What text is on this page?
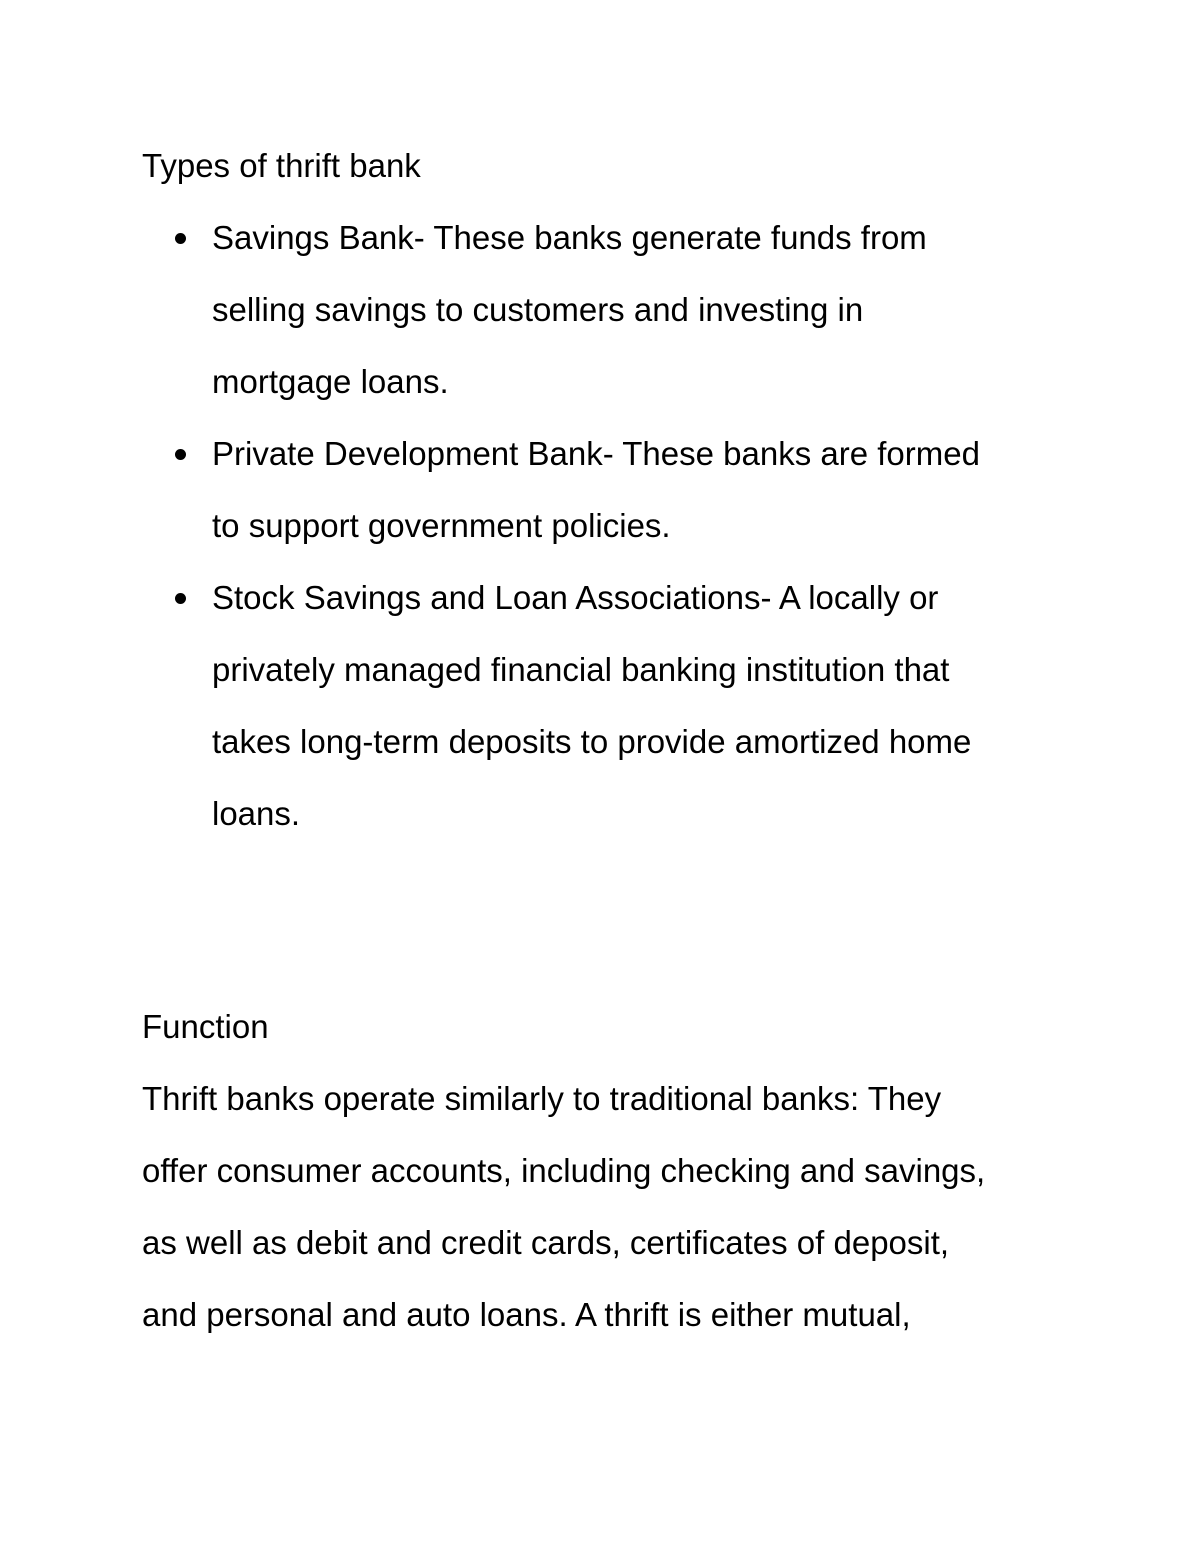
Types of thrift bank
Savings Bank- These banks generate funds from
selling savings to customers and investing in
mortgage loans.
Private Development Bank- These banks are formed
to support government policies.
Stock Savings and Loan Associations- A locally or
privately managed financial banking institution that
takes long-term deposits to provide amortized home
loans.
Function

Thrift banks operate similarly to traditional banks: They
offer consumer accounts, including checking and savings,
as well as debit and credit cards, certificates of deposit,
and personal and auto loans. A thrift is either mutual,
